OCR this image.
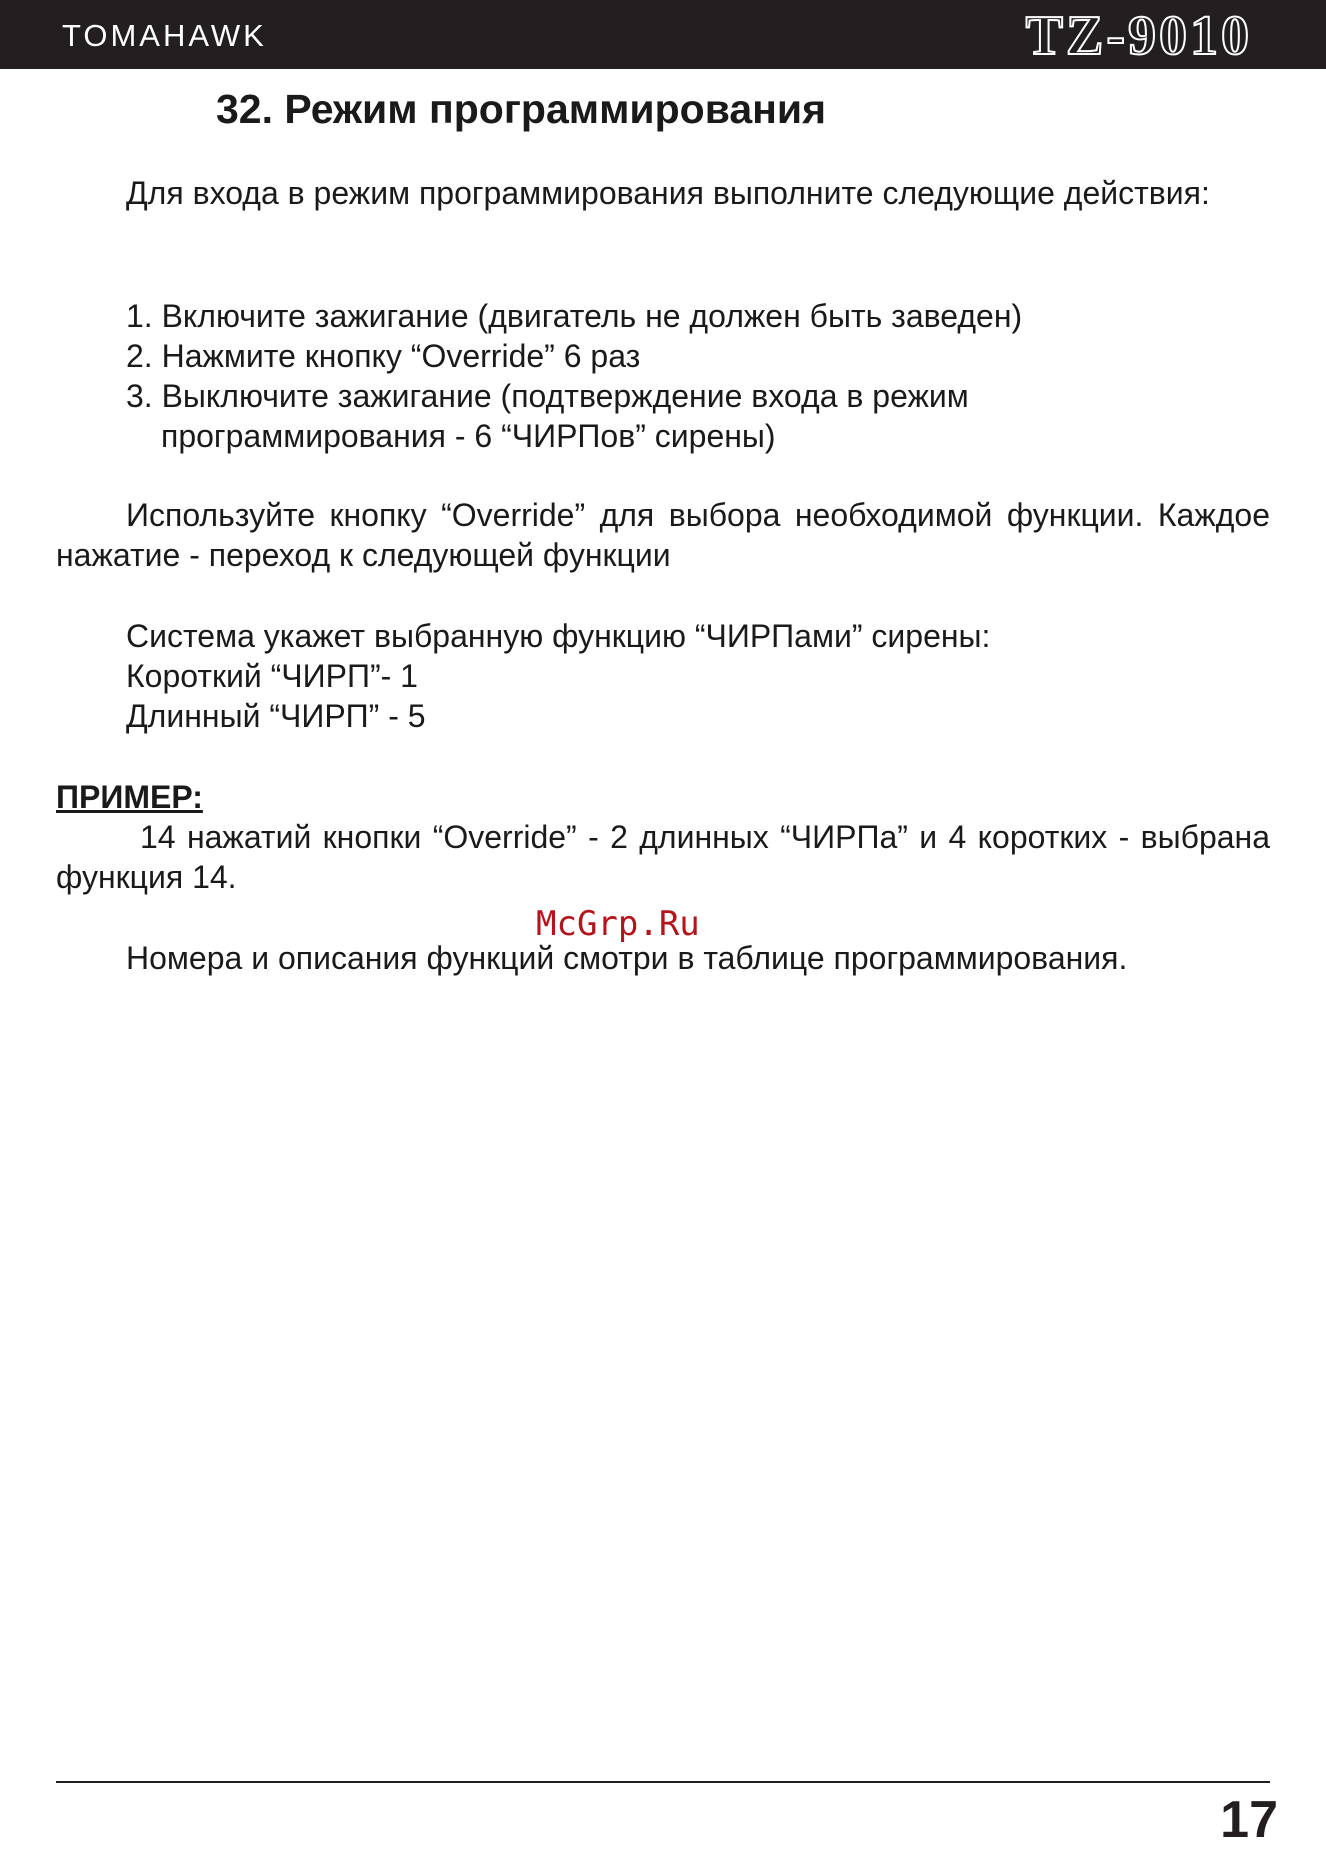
TOMAHAWK	TZ-9010
32. Режим программирования

Для входа в режим программирования выполните следующие действия:

1. Включите зажигание (двигатель не должен быть заведен)
2. Нажмите кнопку “Override” 6 раз
3. Выключите зажигание (подтверждение входа в режим
программирования - 6 “ЧИРПов” сирены)

Используйте кнопку “Override” для выбора необходимой функции. Каждое нажатие - переход к следующей функции

Система укажет выбранную функцию “ЧИРПами” сирены:

Короткий “ЧИРП”- 1

Длинный “ЧИРП” - 5

ПРИМЕР:

14 нажатий кнопки “Override” - 2 длинных “ЧИРПа” и 4 коротких - выбрана функция 14.

McGrp.Ru

Номера и описания функций смотри в таблице программирования.

17
